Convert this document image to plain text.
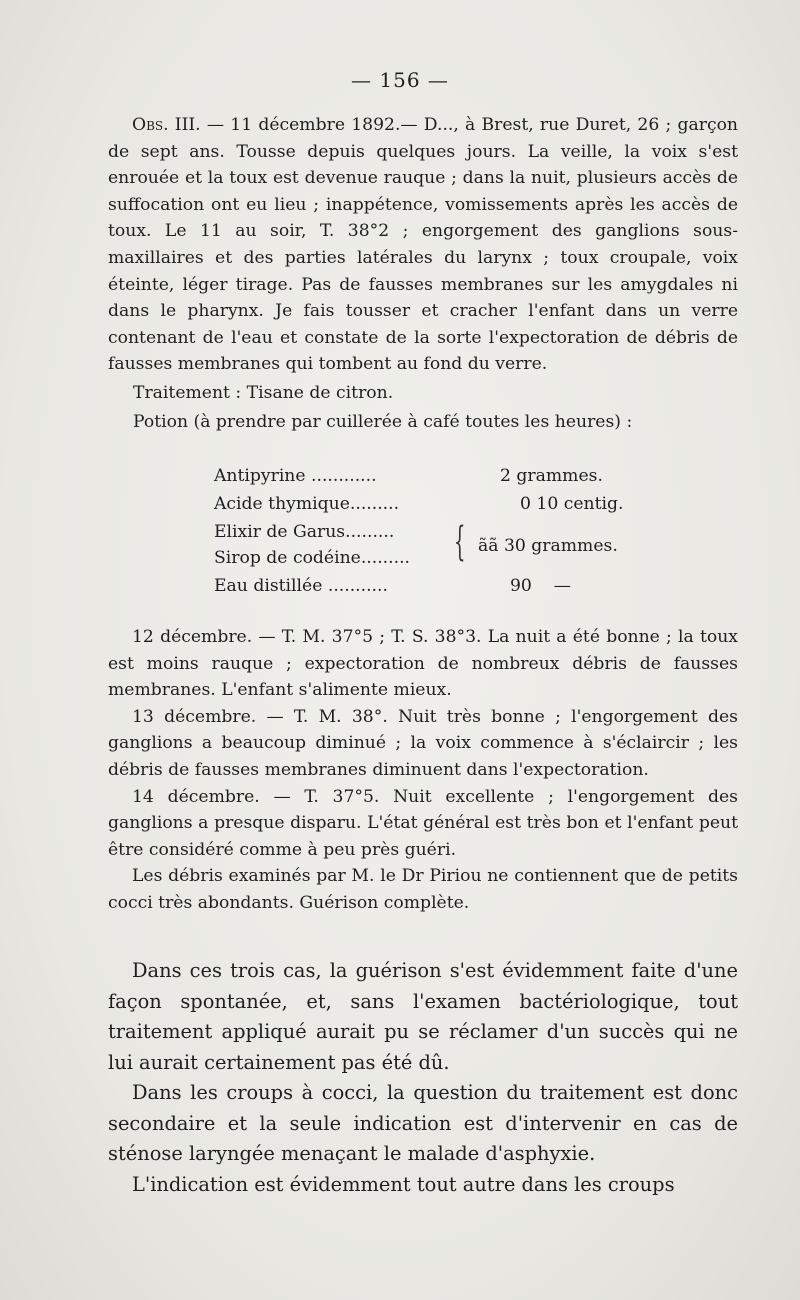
— 156 —

Obs. III. — 11 décembre 1892.— D..., à Brest, rue Duret, 26 ; garçon de sept ans. Tousse depuis quelques jours. La veille, la voix s'est enrouée et la toux est devenue rauque ; dans la nuit, plusieurs accès de suffocation ont eu lieu ; inappétence, vomissements après les accès de toux. Le 11 au soir, T. 38°2 ; engorgement des ganglions sous-maxillaires et des parties latérales du larynx ; toux croupale, voix éteinte, léger tirage. Pas de fausses membranes sur les amygdales ni dans le pharynx. Je fais tousser et cracher l'enfant dans un verre contenant de l'eau et constate de la sorte l'expectoration de débris de fausses membranes qui tombent au fond du verre.

Traitement : Tisane de citron.
Potion (à prendre par cuillerée à café toutes les heures) :
Antipyrine ............	2 grammes.
Acide thymique.........	0 10 centig.
Elixir de Garus.........
Sirop de codéine......... { ãã 30 grammes.
Eau distillée ...........	90    —

12 décembre. — T. M. 37°5 ; T. S. 38°3. La nuit a été bonne ; la toux est moins rauque ; expectoration de nombreux débris de fausses membranes. L'enfant s'alimente mieux.

13 décembre. — T. M. 38°. Nuit très bonne ; l'engorgement des ganglions a beaucoup diminué ; la voix commence à s'éclaircir ; les débris de fausses membranes diminuent dans l'expectoration.

14 décembre. — T. 37°5. Nuit excellente ; l'engorgement des ganglions a presque disparu. L'état général est très bon et l'enfant peut être considéré comme à peu près guéri.

Les débris examinés par M. le Dr Piriou ne contiennent que de petits cocci très abondants. Guérison complète.

Dans ces trois cas, la guérison s'est évidemment faite d'une façon spontanée, et, sans l'examen bactériologique, tout traitement appliqué aurait pu se réclamer d'un succès qui ne lui aurait certainement pas été dû.

Dans les croups à cocci, la question du traitement est donc secondaire et la seule indication est d'intervenir en cas de sténose laryngée menaçant le malade d'asphyxie.

L'indication est évidemment tout autre dans les croups
